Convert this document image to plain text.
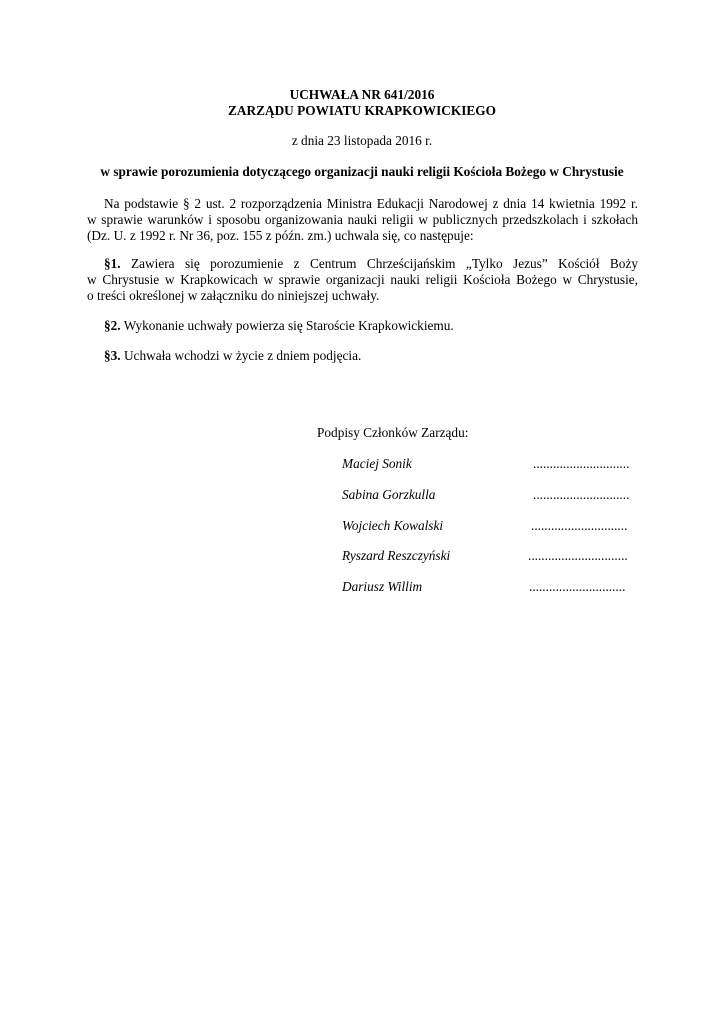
UCHWAŁA NR 641/2016

ZARZĄDU POWIATU KRAPKOWICKIEGO

z dnia 23 listopada 2016 r.

w sprawie porozumienia dotyczącego organizacji nauki religii Kościoła Bożego w Chrystusie

Na podstawie § 2 ust. 2 rozporządzenia Ministra Edukacji Narodowej z dnia 14 kwietnia 1992 r.
w sprawie warunków i sposobu organizowania nauki religii w publicznych przedszkolach i szkołach
(Dz. U. z 1992 r. Nr 36, poz. 155 z późn. zm.) uchwala się, co następuje:
§1. Zawiera się porozumienie z Centrum Chrześcijańskim „Tylko Jezus” Kościół Boży
w Chrystusie w Krapkowicach w sprawie organizacji nauki religii Kościoła Bożego w Chrystusie,
o treści określonej w załączniku do niniejszej uchwały.

§2. Wykonanie uchwały powierza się Staroście Krapkowickiemu.

§3. Uchwała wchodzi w życie z dniem podjęcia.

Podpisy Członków Zarządu:

Maciej Sonik	.............................
Sabina Gorzkulla	.............................
Wojciech Kowalski	.............................
Ryszard Reszczyński	..............................
Dariusz Willim	.............................
